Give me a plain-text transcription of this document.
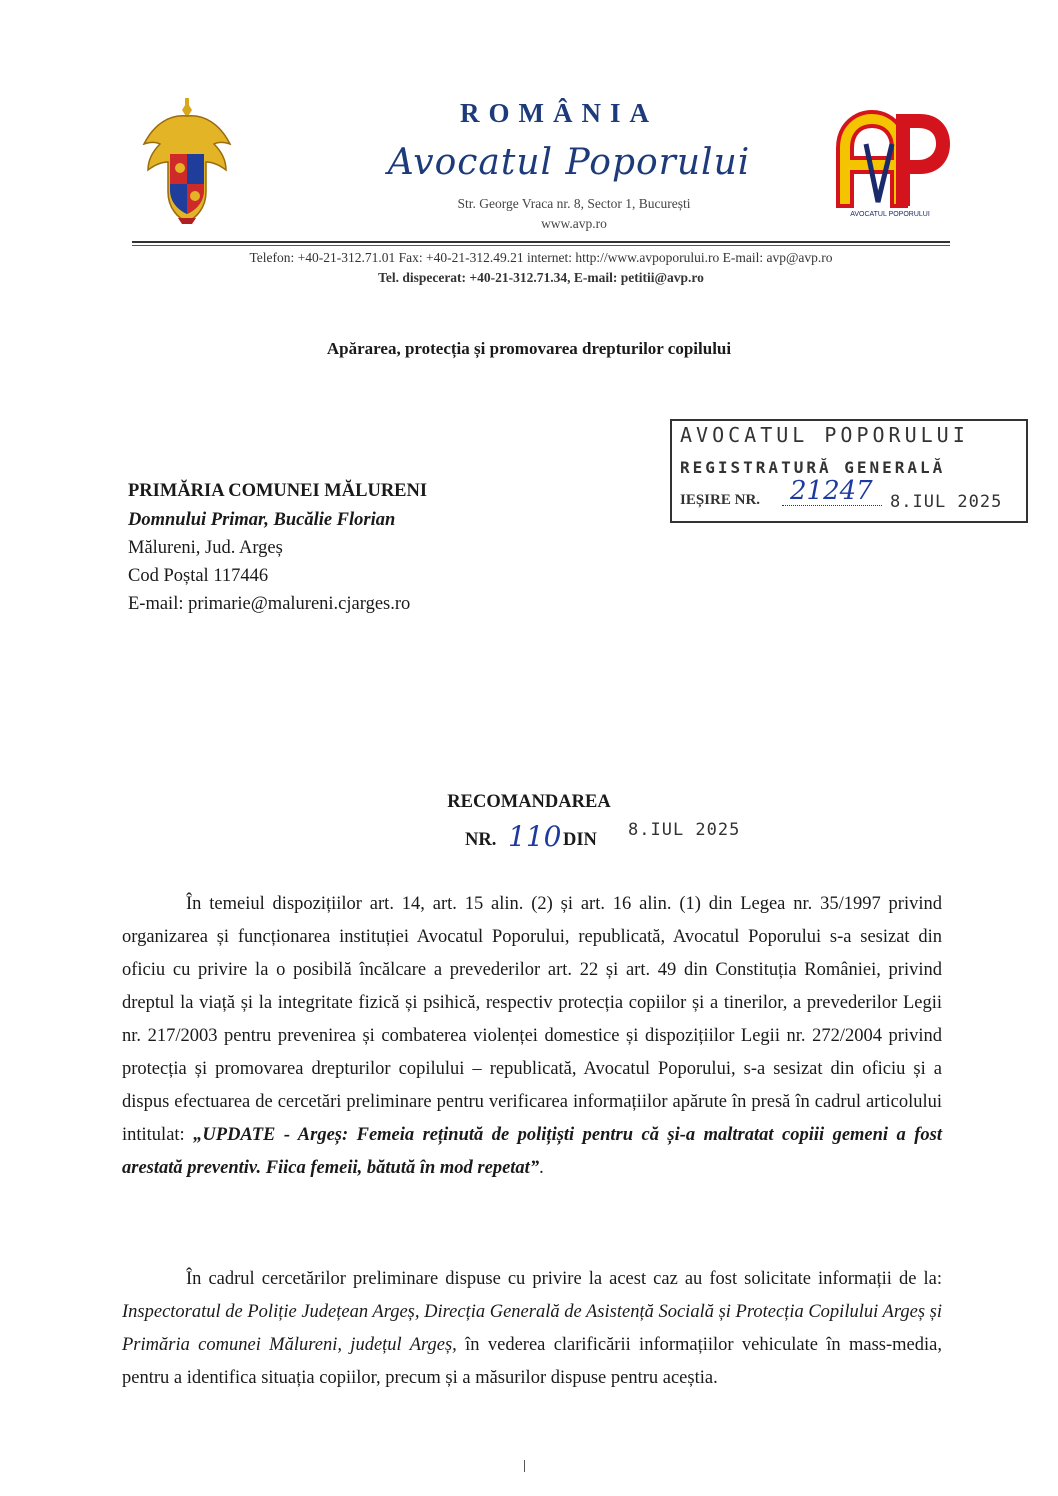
ROMÂNIA
Avocatul Poporului
Str. George Vraca nr. 8, Sector 1, București
www.avp.ro
AVOCATUL POPORULUI
Telefon: +40-21-312.71.01 Fax: +40-21-312.49.21 internet: http://www.avpoporului.ro E-mail: avp@avp.ro
Tel. dispecerat: +40-21-312.71.34, E-mail: petitii@avp.ro
Apărarea, protecția și promovarea drepturilor copilului
AVOCATUL POPORULUI
REGISTRATURĂ GENERALĂ
IEȘIRE NR. 21247 8.IUL 2025
PRIMĂRIA COMUNEI MĂLURENI
Domnului Primar, Bucălie Florian
Mălureni, Jud. Argeș
Cod Poștal 117446
E-mail: primarie@malureni.cjarges.ro
RECOMANDAREA
NR. 110 DIN 8.IUL 2025
În temeiul dispozițiilor art. 14, art. 15 alin. (2) și art. 16 alin. (1) din Legea nr. 35/1997 privind organizarea și funcționarea instituției Avocatul Poporului, republicată, Avocatul Poporului s-a sesizat din oficiu cu privire la o posibilă încălcare a prevederilor art. 22 și art. 49 din Constituția României, privind dreptul la viață și la integritate fizică și psihică, respectiv protecția copiilor și a tinerilor, a prevederilor Legii nr. 217/2003 pentru prevenirea și combaterea violenței domestice și dispozițiilor Legii nr. 272/2004 privind protecția și promovarea drepturilor copilului – republicată, Avocatul Poporului, s-a sesizat din oficiu și a dispus efectuarea de cercetări preliminare pentru verificarea informațiilor apărute în presă în cadrul articolului intitulat: „UPDATE - Argeș: Femeia reținută de polițiști pentru că și-a maltratat copiii gemeni a fost arestată preventiv. Fiica femeii, bătută în mod repetat”.
În cadrul cercetărilor preliminare dispuse cu privire la acest caz au fost solicitate informații de la: Inspectoratul de Poliție Județean Argeș, Direcția Generală de Asistență Socială și Protecția Copilului Argeș și Primăria comunei Mălureni, județul Argeș, în vederea clarificării informațiilor vehiculate în mass-media, pentru a identifica situația copiilor, precum și a măsurilor dispuse pentru aceștia.
